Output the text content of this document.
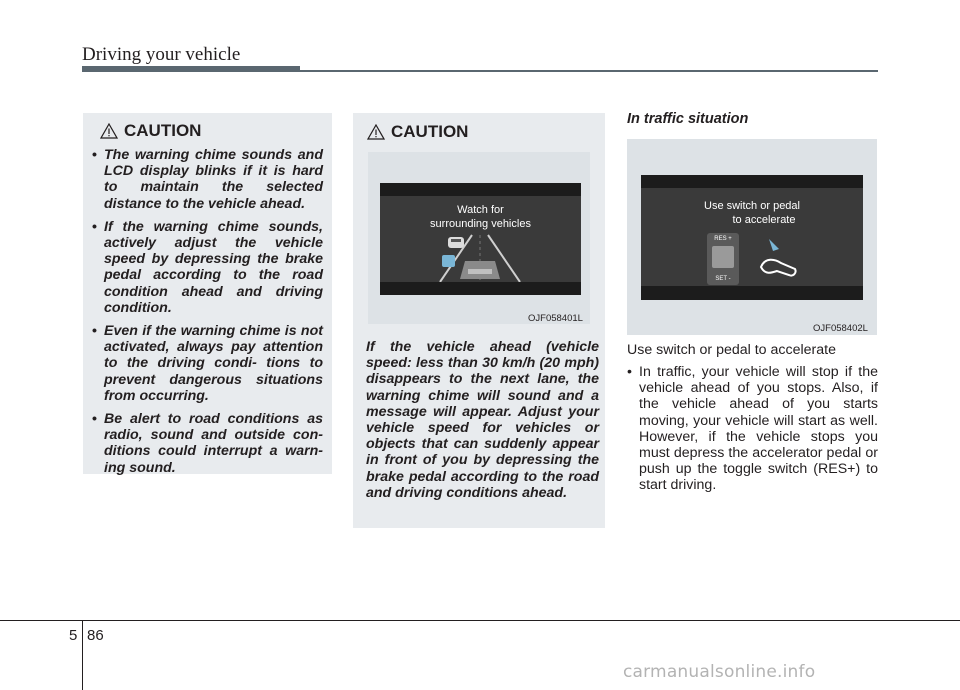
Driving your vehicle
CAUTION
• The warning chime sounds and LCD display blinks if it is hard to maintain the selected distance to the vehicle ahead.
• If the warning chime sounds, actively adjust the vehicle speed by depressing the brake pedal according to the road condition ahead and driving condition.
• Even if the warning chime is not activated, always pay attention to the driving condi- tions to prevent dangerous situations from occurring.
• Be alert to road conditions as radio, sound and outside con- ditions could interrupt a warn- ing sound.
CAUTION
Watch for
surrounding vehicles
OJF058401L

If the vehicle ahead (vehicle speed: less than 30 km/h (20 mph) disappears to the next lane, the warning chime will sound and a message will appear. Adjust your vehicle speed for vehicles or objects that can suddenly appear in front of you by depressing the brake pedal according to the road and driving conditions ahead.

In traffic situation
Use switch or pedal
to accelerate
RES +
SET -
OJF058402L
Use switch or pedal to accelerate

• In traffic, your vehicle will stop if the vehicle ahead of you stops. Also, if the vehicle ahead of you starts moving, your vehicle will start as well. However, if the vehicle stops you must depress the accelerator pedal or push up the toggle switch (RES+) to start driving.

5 86
carmanualsonline.info
